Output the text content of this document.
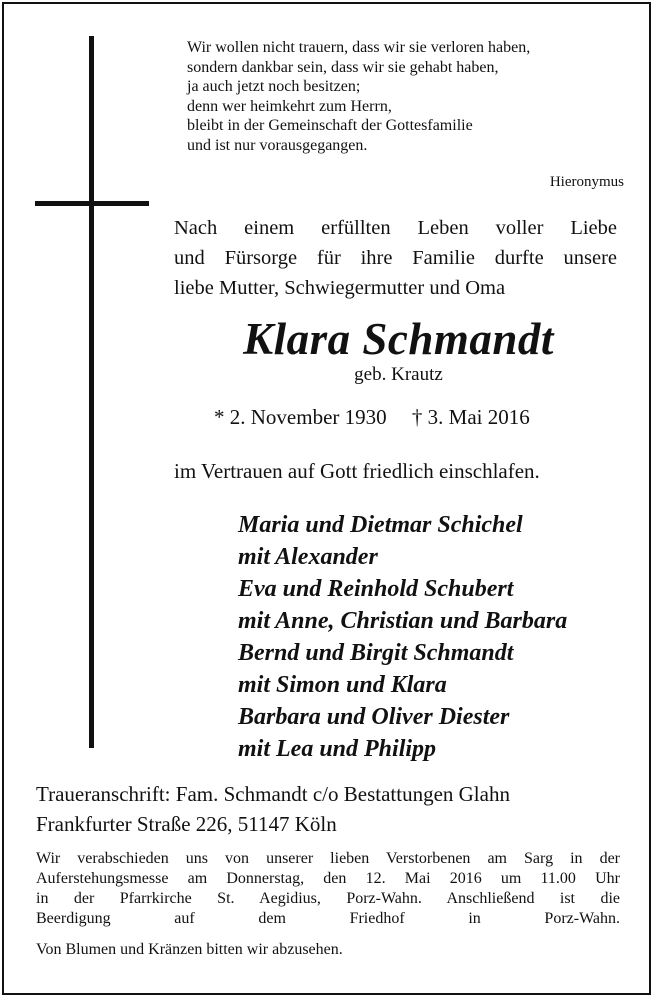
Wir wollen nicht trauern, dass wir sie verloren haben,
sondern dankbar sein, dass wir sie gehabt haben,
ja auch jetzt noch besitzen;
denn wer heimkehrt zum Herrn,
bleibt in der Gemeinschaft der Gottesfamilie
und ist nur vorausgegangen.
Hieronymus
Nach einem erfüllten Leben voller Liebe
und Fürsorge für ihre Familie durfte unsere
liebe Mutter, Schwiegermutter und Oma
Klara Schmandt
geb. Krautz
* 2. November 1930 † 3. Mai 2016
im Vertrauen auf Gott friedlich einschlafen.
Maria und Dietmar Schichel
mit Alexander
Eva und Reinhold Schubert
mit Anne, Christian und Barbara
Bernd und Birgit Schmandt
mit Simon und Klara
Barbara und Oliver Diester
mit Lea und Philipp
Traueranschrift: Fam. Schmandt c/o Bestattungen Glahn
Frankfurter Straße 226, 51147 Köln
Wir verabschieden uns von unserer lieben Verstorbenen am Sarg in der
Auferstehungsmesse am Donnerstag, den 12. Mai 2016 um 11.00 Uhr
in der Pfarrkirche St. Aegidius, Porz-Wahn. Anschließend ist die
Beerdigung auf dem Friedhof in Porz-Wahn.
Von Blumen und Kränzen bitten wir abzusehen.
